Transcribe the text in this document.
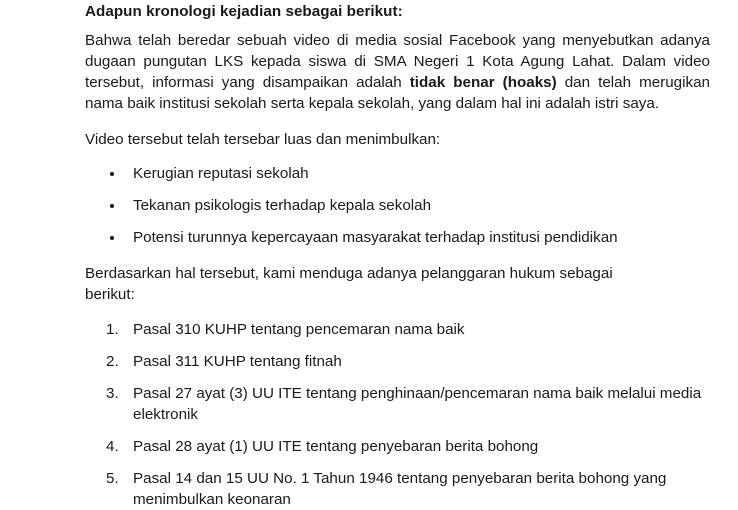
Adapun kronologi kejadian sebagai berikut:

Bahwa telah beredar sebuah video di media sosial Facebook yang menyebutkan adanya dugaan pungutan LKS kepada siswa di SMA Negeri 1 Kota Agung Lahat. Dalam video tersebut, informasi yang disampaikan adalah tidak benar (hoaks) dan telah merugikan nama baik institusi sekolah serta kepala sekolah, yang dalam hal ini adalah istri saya.

Video tersebut telah tersebar luas dan menimbulkan:

Kerugian reputasi sekolah
Tekanan psikologis terhadap kepala sekolah
Potensi turunnya kepercayaan masyarakat terhadap institusi pendidikan

Berdasarkan hal tersebut, kami menduga adanya pelanggaran hukum sebagai berikut:

1. Pasal 310 KUHP tentang pencemaran nama baik
2. Pasal 311 KUHP tentang fitnah
3. Pasal 27 ayat (3) UU ITE tentang penghinaan/pencemaran nama baik melalui media elektronik
4. Pasal 28 ayat (1) UU ITE tentang penyebaran berita bohong
5. Pasal 14 dan 15 UU No. 1 Tahun 1946 tentang penyebaran berita bohong yang menimbulkan keonaran
